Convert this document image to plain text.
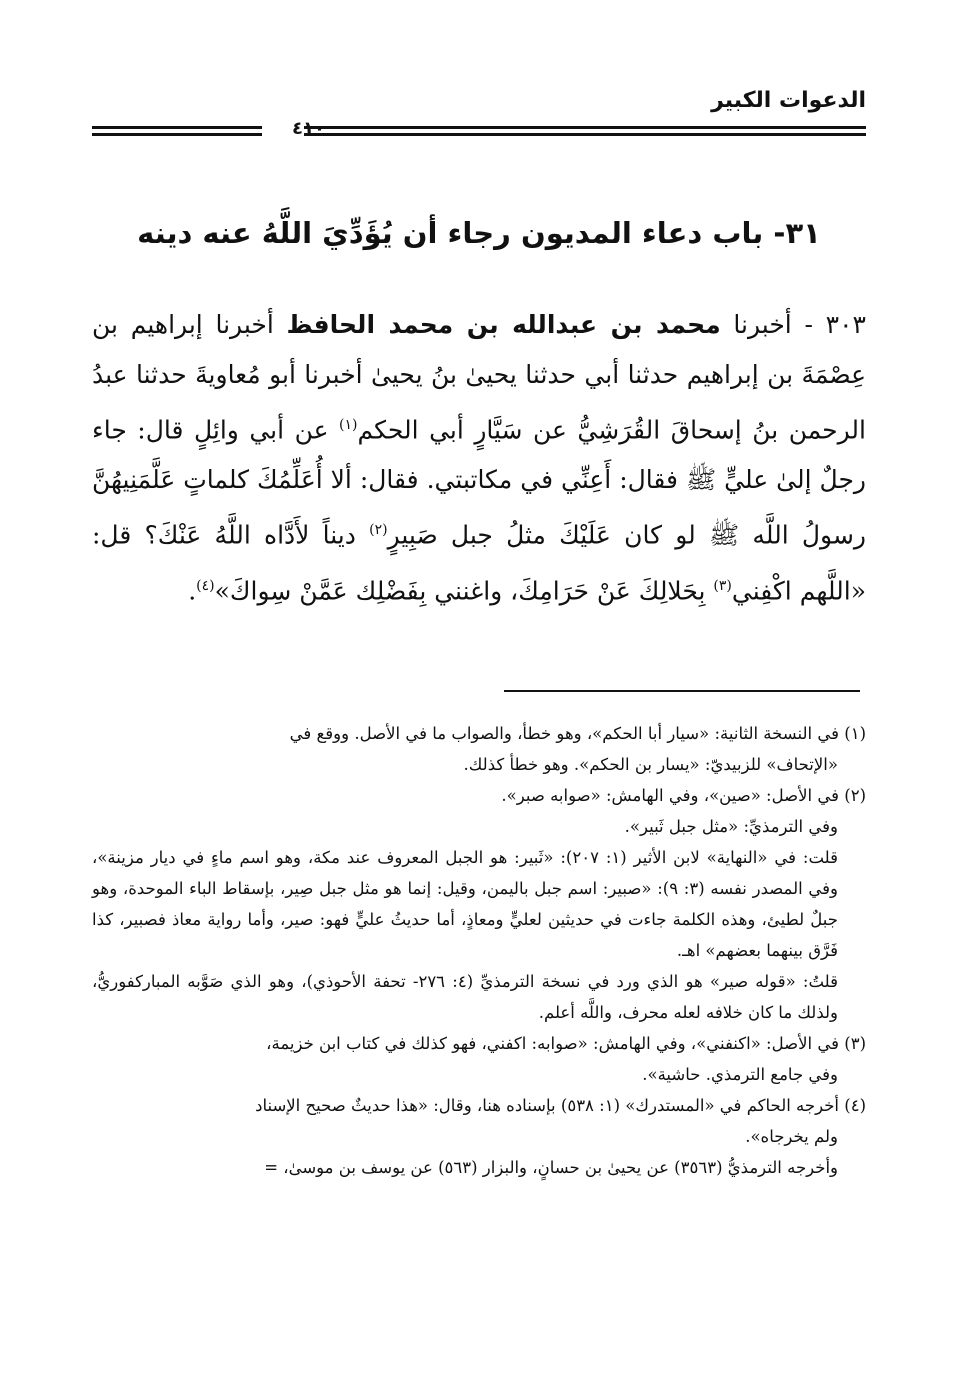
الدعوات الكبير
٤١٠
٣١- باب دعاء المديون رجاء أن يُؤَدِّيَ اللَّهُ عنه دينه
٣٠٣ - أخبرنا محمد بن عبدالله بن محمد الحافظ أخبرنا إبراهيم بن عِصْمَةَ بن إبراهيم حدثنا أبي حدثنا يحيىٰ بنُ يحيىٰ أخبرنا أبو مُعاويةَ حدثنا عبدُ الرحمن بنُ إسحاقَ القُرَشِيُّ عن سَيَّارٍ أبي الحكم$^{(١)}$ عن أبي وائِلٍ قال: جاء رجلٌ إلىٰ عليٍّ ﷺ فقال: أَعِنِّي في مكاتبتي. فقال: ألا أُعَلِّمُكَ كلماتٍ عَلَّمَنِيهُنَّ رسولُ اللَّه ﷺ لو كان عَلَيْكَ مثلُ جبل صَبِيرٍ$^{(٢)}$ ديناً لأَدَّاه اللَّهُ عَنْكَ؟ قل: «اللَّهم اكْفِني$^{(٣)}$ بِحَلالِكَ عَنْ حَرَامِكَ، واغنني بِفَضْلِك عَمَّنْ سِواكَ»$^{(٤)}$.

(١) في النسخة الثانية: «سيار أبا الحكم»، وهو خطأ، والصواب ما في الأصل. ووقع في
«الإتحاف» للزبيديّ: «يسار بن الحكم». وهو خطأ كذلك.

(٢) في الأصل: «صين»، وفي الهامش: «صوابه صبر».
وفي الترمذيِّ: «مثل جبل ثَبير».
قلت: في «النهاية» لابن الأثير (١: ٢٠٧): «ثَبير: هو الجبل المعروف عند مكة، وهو اسم ماءٍ في ديار مزينة»، وفي المصدر نفسه (٣: ٩): «صبير: اسم جبل باليمن، وقيل: إنما هو مثل جبل صِير، بإسقاط الباء الموحدة، وهو جبلٌ لطيئ، وهذه الكلمة جاءت في حديثين لعليٍّ ومعاذٍ، أما حديثُ عليٍّ فهو: صير، وأما رواية معاذ فصبير، كذا فَرَّق بينهما بعضهم» اهـ.
قلتُ: «قوله صير» هو الذي ورد في نسخة الترمذيِّ (٤: ٢٧٦- تحفة الأحوذي)، وهو الذي صَوَّبه المباركفوريُّ، ولذلك ما كان خلافه لعله محرف، واللَّه أعلم.

(٣) في الأصل: «اكنفني»، وفي الهامش: «صوابه: اكفني، فهو كذلك في كتاب ابن خزيمة،
وفي جامع الترمذي. حاشية».

(٤) أخرجه الحاكم في «المستدرك» (١: ٥٣٨) بإسناده هنا، وقال: «هذا حديثٌ صحيح الإسناد
ولم يخرجاه».
وأخرجه الترمذيُّ (٣٥٦٣) عن يحيىٰ بن حسانٍ، والبزار (٥٦٣) عن يوسف بن موسىٰ، =
